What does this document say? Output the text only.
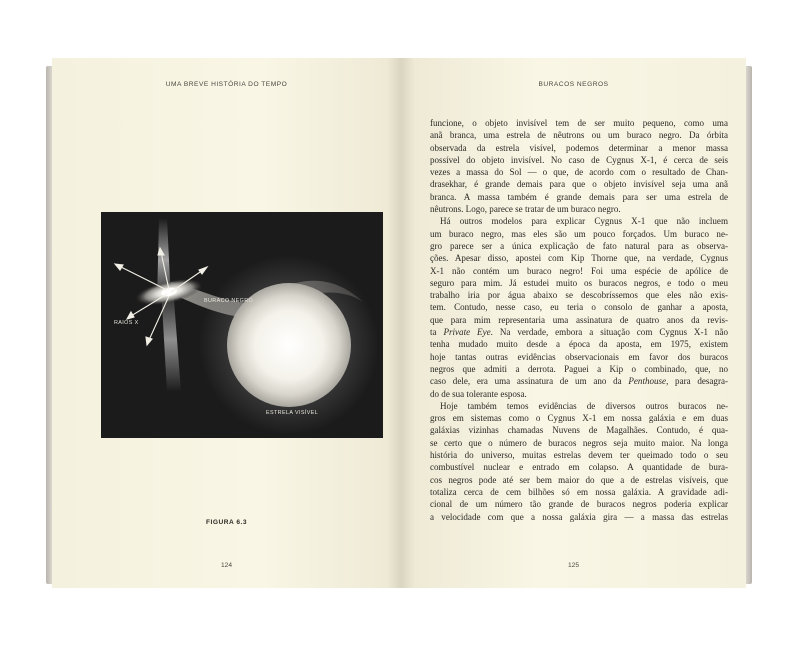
UMA BREVE HISTÓRIA DO TEMPO
BURACO NEGRO
RAIOS X
ESTRELA VISÍVEL
FIGURA 6.3
124
BURACOS NEGROS
funcione, o objeto invisível tem de ser muito pequeno, como uma
anã branca, uma estrela de nêutrons ou um buraco negro. Da órbita
observada da estrela visível, podemos determinar a menor massa
possível do objeto invisível. No caso de Cygnus X-1, é cerca de seis
vezes a massa do Sol — o que, de acordo com o resultado de Chan-
drasekhar, é grande demais para que o objeto invisível seja uma anã
branca. A massa também é grande demais para ser uma estrela de
nêutrons. Logo, parece se tratar de um buraco negro.
Há outros modelos para explicar Cygnus X-1 que não incluem
um buraco negro, mas eles são um pouco forçados. Um buraco ne-
gro parece ser a única explicação de fato natural para as observa-
ções. Apesar disso, apostei com Kip Thorne que, na verdade, Cygnus
X-1 não contém um buraco negro! Foi uma espécie de apólice de
seguro para mim. Já estudei muito os buracos negros, e todo o meu
trabalho iria por água abaixo se descobríssemos que eles não exis-
tem. Contudo, nesse caso, eu teria o consolo de ganhar a aposta,
que para mim representaria uma assinatura de quatro anos da revis-
ta Private Eye. Na verdade, embora a situação com Cygnus X-1 não
tenha mudado muito desde a época da aposta, em 1975, existem
hoje tantas outras evidências observacionais em favor dos buracos
negros que admiti a derrota. Paguei a Kip o combinado, que, no
caso dele, era uma assinatura de um ano da Penthouse, para desagra-
do de sua tolerante esposa.
Hoje também temos evidências de diversos outros buracos ne-
gros em sistemas como o Cygnus X-1 em nossa galáxia e em duas
galáxias vizinhas chamadas Nuvens de Magalhães. Contudo, é qua-
se certo que o número de buracos negros seja muito maior. Na longa
história do universo, muitas estrelas devem ter queimado todo o seu
combustível nuclear e entrado em colapso. A quantidade de bura-
cos negros pode até ser bem maior do que a de estrelas visíveis, que
totaliza cerca de cem bilhões só em nossa galáxia. A gravidade adi-
cional de um número tão grande de buracos negros poderia explicar
a velocidade com que a nossa galáxia gira — a massa das estrelas
125
